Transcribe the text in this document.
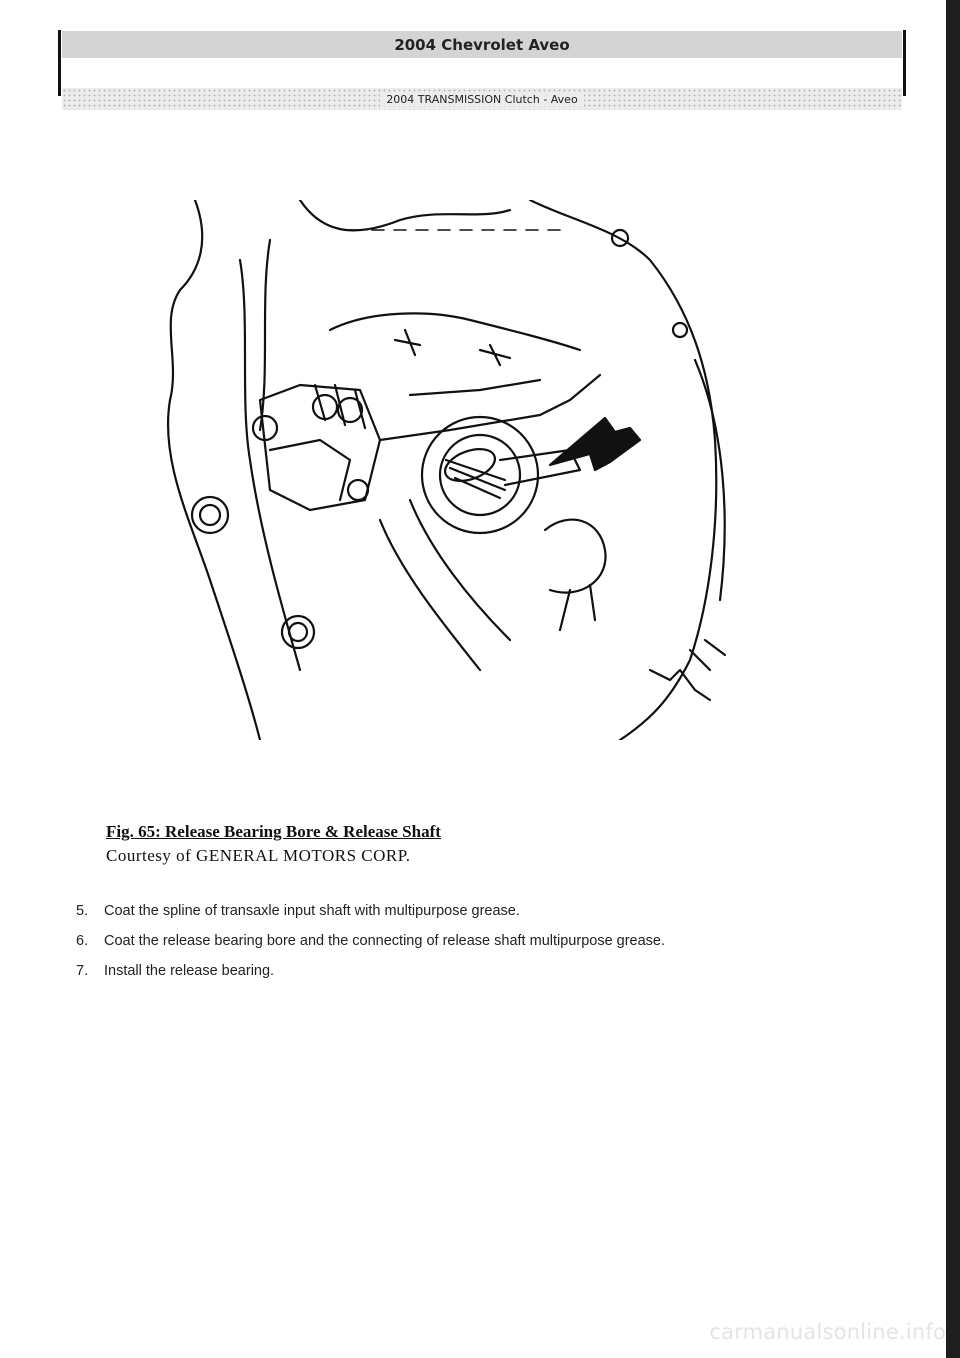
2004 Chevrolet Aveo
2004 TRANSMISSION Clutch - Aveo
Fig. 65: Release Bearing Bore & Release Shaft
Courtesy of GENERAL MOTORS CORP.
5.	Coat the spline of transaxle input shaft with multipurpose grease.
6.	Coat the release bearing bore and the connecting of release shaft multipurpose grease.
7.	Install the release bearing.
carmanualsonline.info
